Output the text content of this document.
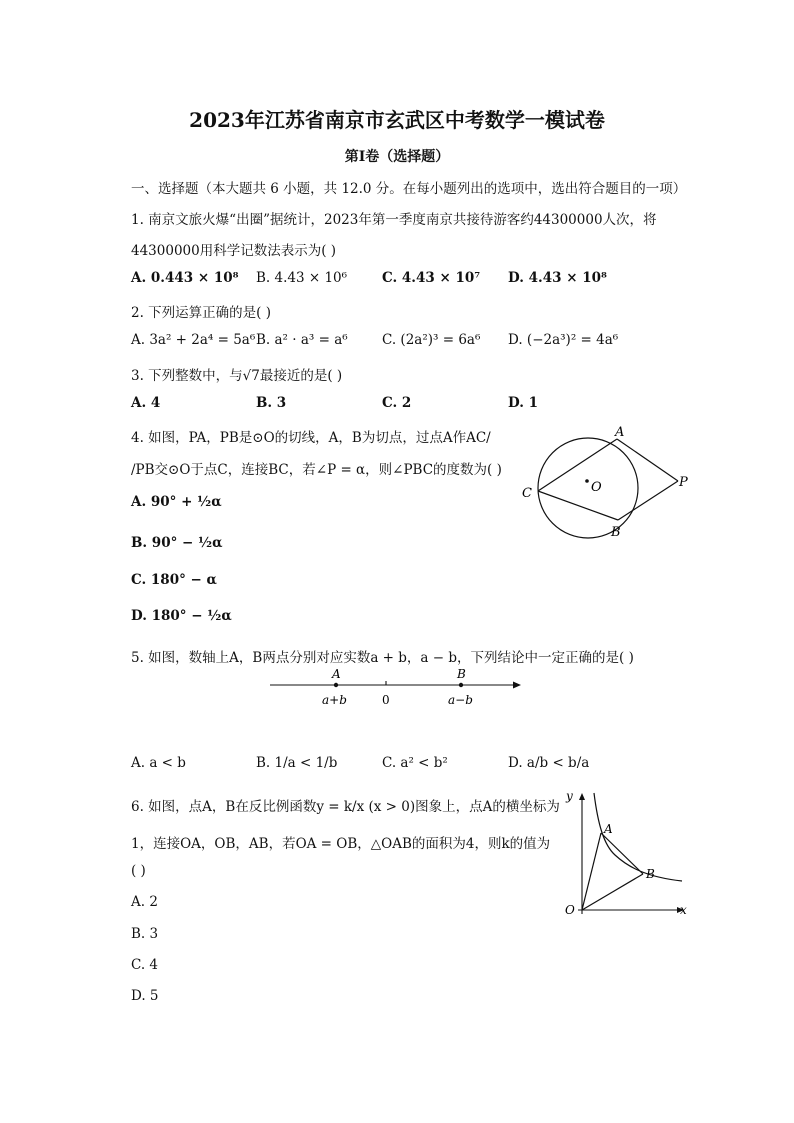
2023年江苏省南京市玄武区中考数学一模试卷
第I卷（选择题）
一、选择题（本大题共 6 小题，共 12.0 分。在每小题列出的选项中，选出符合题目的一项）
1. 南京文旅火爆“出圈”据统计，2023年第一季度南京共接待游客约44300000人次，将
44300000用科学记数法表示为( )
A. 0.443 × 10⁸ B. 4.43 × 10⁶	C. 4.43 × 10⁷ D. 4.43 × 10⁸
2. 下列运算正确的是( )
A. 3a² + 2a⁴ = 5a⁶ B. a² · a³ = a⁶	C. (2a²)³ = 6a⁶ D. (−2a³)² = 4a⁶
3. 下列整数中，与√7最接近的是( )
A. 4	B. 3	C. 2	D. 1
4. 如图，PA，PB是⊙O的切线，A，B为切点，过点A作AC/
/PB交⊙O于点C，连接BC，若∠P = α，则∠PBC的度数为( )
A. 90° + ½α
B. 90° − ½α
C. 180° − α
D. 180° − ½α
A
B
C	O	P
5. 如图，数轴上A，B两点分别对应实数a + b，a − b，下列结论中一定正确的是( )
A	B
a+b	0	a−b
A. a < b	B. 1/a < 1/b	C. a² < b²	D. a/b < b/a
6. 如图，点A，B在反比例函数y = k/x (x > 0)图象上，点A的横坐标为
1，连接OA，OB，AB，若OA = OB，△OAB的面积为4，则k的值为
( )
A. 2
B. 3
C. 4
D. 5
y
x
O
A
B
